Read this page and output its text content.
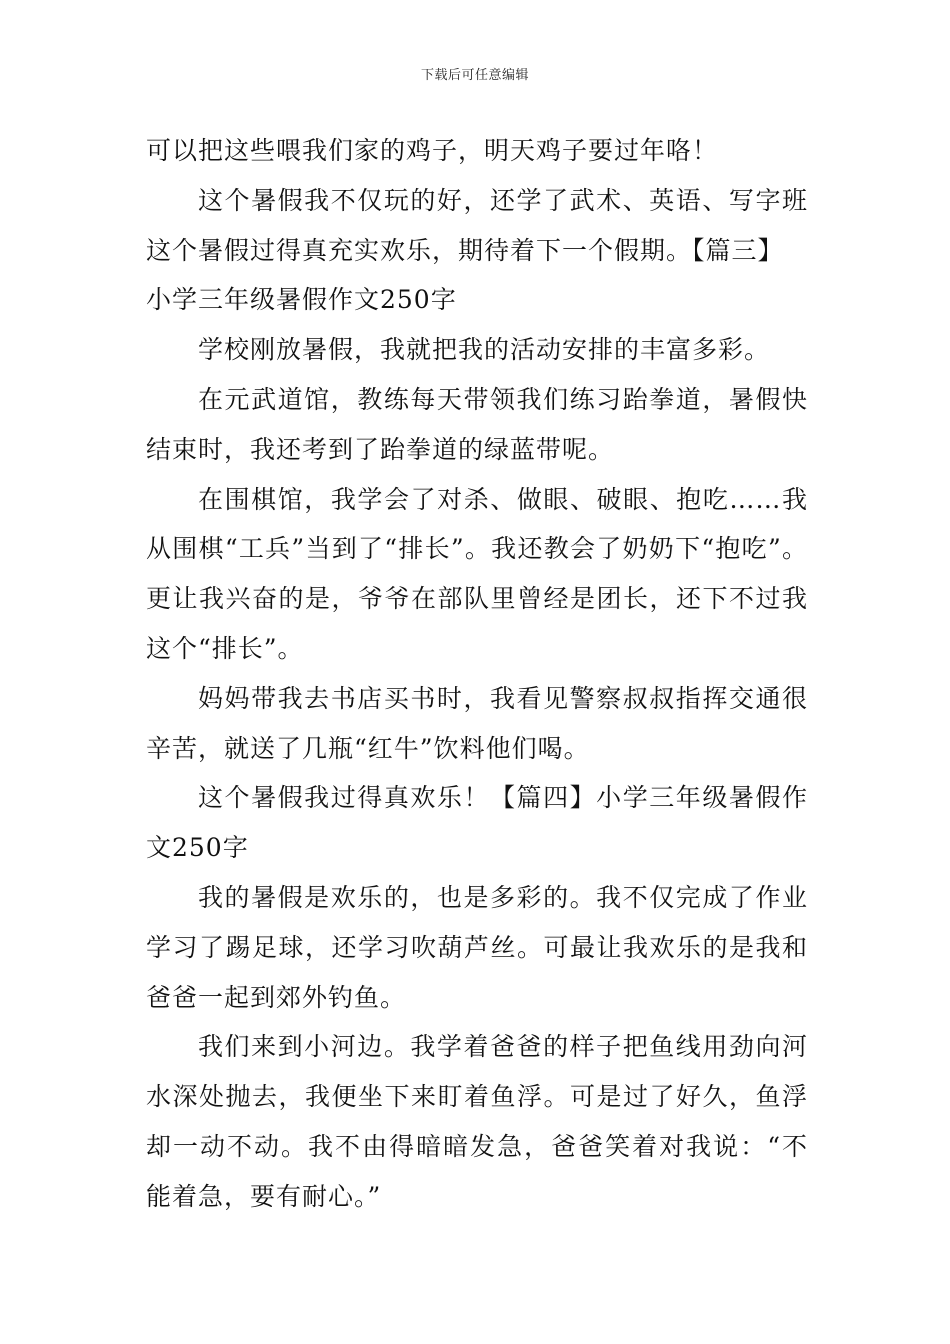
下载后可任意编辑

可以把这些喂我们家的鸡子，明天鸡子要过年咯！

这个暑假我不仅玩的好，还学了武术、英语、写字班这个暑假过得真充实欢乐，期待着下一个假期。【篇三】

小学三年级暑假作文250字

学校刚放暑假，我就把我的活动安排的丰富多彩。

在元武道馆，教练每天带领我们练习跆拳道，暑假快结束时，我还考到了跆拳道的绿蓝带呢。

在围棋馆，我学会了对杀、做眼、破眼、抱吃……我从围棋“工兵”当到了“排长”。我还教会了奶奶下“抱吃”。更让我兴奋的是，爷爷在部队里曾经是团长，还下不过我这个“排长”。

妈妈带我去书店买书时，我看见警察叔叔指挥交通很辛苦，就送了几瓶“红牛”饮料他们喝。

这个暑假我过得真欢乐！【篇四】小学三年级暑假作文250字

我的暑假是欢乐的，也是多彩的。我不仅完成了作业学习了踢足球，还学习吹葫芦丝。可最让我欢乐的是我和爸爸一起到郊外钓鱼。

我们来到小河边。我学着爸爸的样子把鱼线用劲向河水深处抛去，我便坐下来盯着鱼浮。可是过了好久，鱼浮却一动不动。我不由得暗暗发急，爸爸笑着对我说：“不能着急，要有耐心。”
